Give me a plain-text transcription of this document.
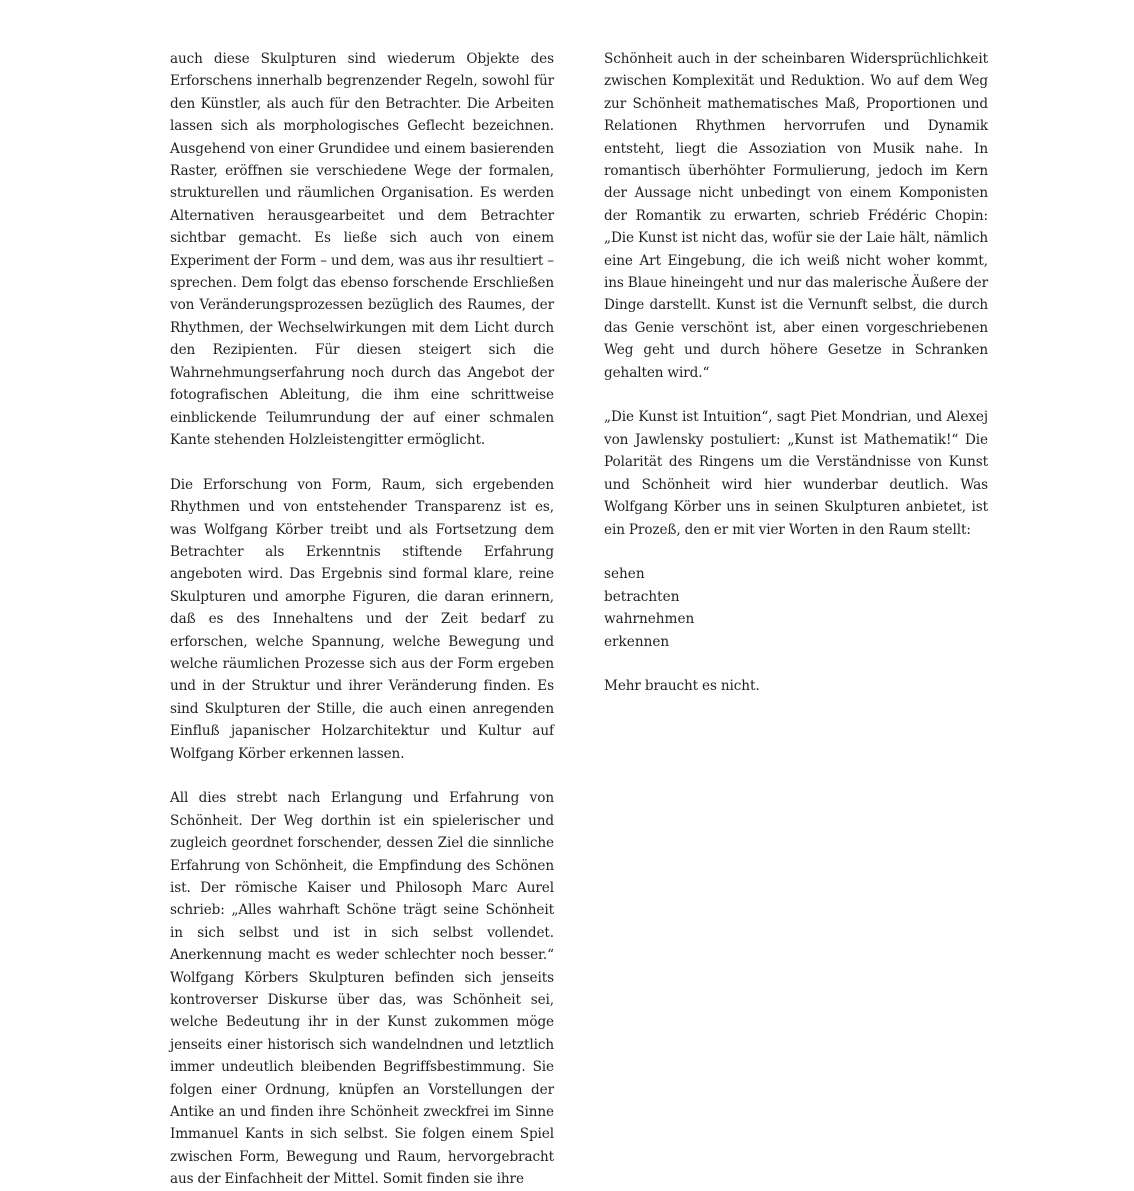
auch diese Skulpturen sind wiederum Objekte des Erforschens innerhalb begrenzender Regeln, sowohl für den Künstler, als auch für den Betrachter. Die Arbeiten lassen sich als morphologisches Geflecht bezeichnen. Ausgehend von einer Grundidee und einem basierenden Raster, eröffnen sie verschiedene Wege der formalen, strukturellen und räumlichen Organisation. Es werden Alternativen herausgearbeitet und dem Betrachter sichtbar gemacht. Es ließe sich auch von einem Experiment der Form – und dem, was aus ihr resultiert – sprechen. Dem folgt das ebenso forschende Erschließen von Veränderungsprozessen bezüglich des Raumes, der Rhythmen, der Wechselwirkungen mit dem Licht durch den Rezipienten. Für diesen steigert sich die Wahrnehmungserfahrung noch durch das Angebot der fotografischen Ableitung, die ihm eine schrittweise einblickende Teilumrundung der auf einer schmalen Kante stehenden Holzleistengitter ermöglicht.

Die Erforschung von Form, Raum, sich ergebenden Rhythmen und von entstehender Transparenz ist es, was Wolfgang Körber treibt und als Fortsetzung dem Betrachter als Erkenntnis stiftende Erfahrung angeboten wird. Das Ergebnis sind formal klare, reine Skulpturen und amorphe Figuren, die daran erinnern, daß es des Innehaltens und der Zeit bedarf zu erforschen, welche Spannung, welche Bewegung und welche räumlichen Prozesse sich aus der Form ergeben und in der Struktur und ihrer Veränderung finden. Es sind Skulpturen der Stille, die auch einen anregenden Einfluß japanischer Holzarchitektur und Kultur auf Wolfgang Körber erkennen lassen.

All dies strebt nach Erlangung und Erfahrung von Schönheit. Der Weg dorthin ist ein spielerischer und zugleich geordnet forschender, dessen Ziel die sinnliche Erfahrung von Schönheit, die Empfindung des Schönen ist. Der römische Kaiser und Philosoph Marc Aurel schrieb: „Alles wahrhaft Schöne trägt seine Schönheit in sich selbst und ist in sich selbst vollendet. Anerkennung macht es weder schlechter noch besser.“ Wolfgang Körbers Skulpturen befinden sich jenseits kontroverser Diskurse über das, was Schönheit sei, welche Bedeutung ihr in der Kunst zukommen möge jenseits einer historisch sich wandelndnen und letztlich immer undeutlich bleibenden Begriffsbestimmung. Sie folgen einer Ordnung, knüpfen an Vorstellungen der Antike an und finden ihre Schönheit zweckfrei im Sinne Immanuel Kants in sich selbst. Sie folgen einem Spiel zwischen Form, Bewegung und Raum, hervorgebracht aus der Einfachheit der Mittel. Somit finden sie ihre

Schönheit auch in der scheinbaren Widersprüchlichkeit zwischen Komplexität und Reduktion. Wo auf dem Weg zur Schönheit mathematisches Maß, Proportionen und Relationen Rhythmen hervorrufen und Dynamik entsteht, liegt die Assoziation von Musik nahe. In romantisch überhöhter Formulierung, jedoch im Kern der Aussage nicht unbedingt von einem Komponisten der Romantik zu erwarten, schrieb Frédéric Chopin: „Die Kunst ist nicht das, wofür sie der Laie hält, nämlich eine Art Eingebung, die ich weiß nicht woher kommt, ins Blaue hineingeht und nur das malerische Äußere der Dinge darstellt. Kunst ist die Vernunft selbst, die durch das Genie verschönt ist, aber einen vorgeschriebenen Weg geht und durch höhere Gesetze in Schranken gehalten wird.“

„Die Kunst ist Intuition“, sagt Piet Mondrian, und Alexej von Jawlensky postuliert: „Kunst ist Mathematik!“ Die Polarität des Ringens um die Verständnisse von Kunst und Schönheit wird hier wunderbar deutlich. Was Wolfgang Körber uns in seinen Skulpturen anbietet, ist ein Prozeß, den er mit vier Worten in den Raum stellt:

sehen
betrachten
wahrnehmen
erkennen

Mehr braucht es nicht.
